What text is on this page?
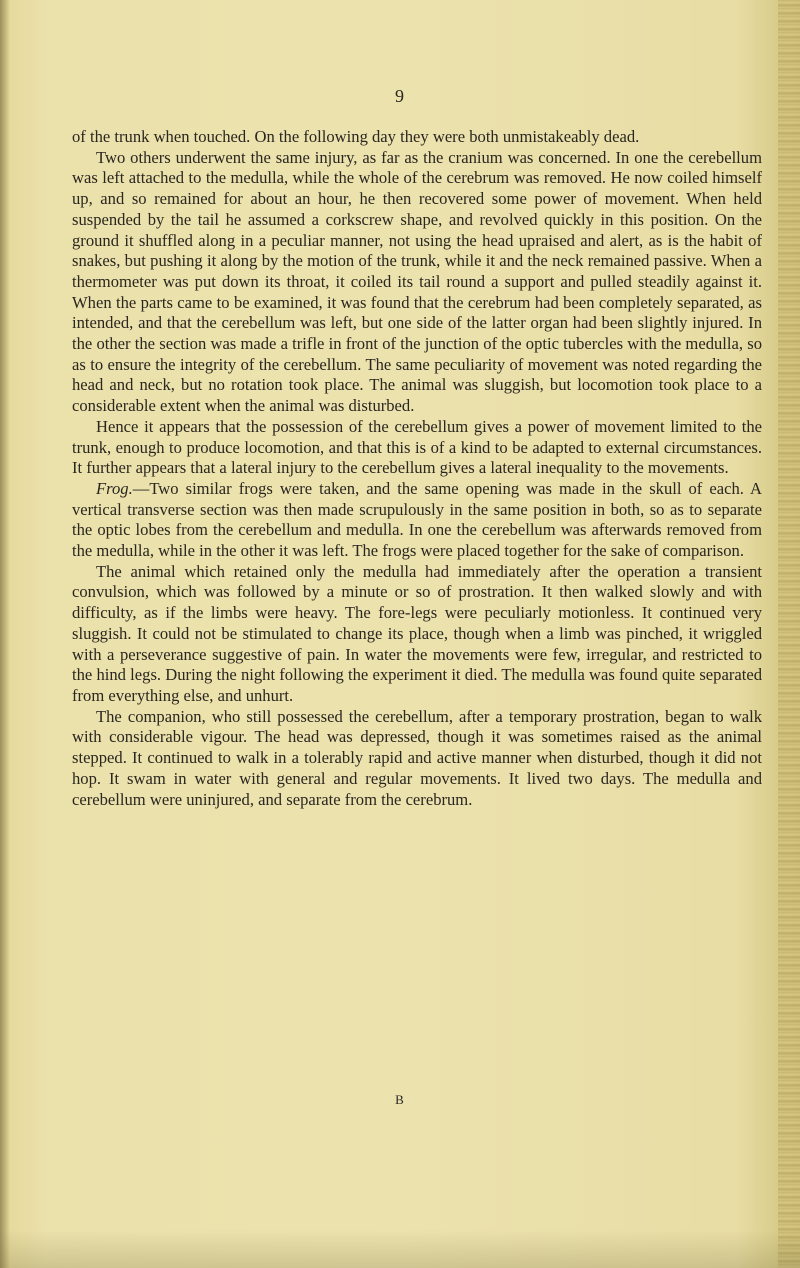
9

of the trunk when touched. On the following day they were both unmistakeably dead.

Two others underwent the same injury, as far as the cranium was concerned. In one the cerebellum was left attached to the medulla, while the whole of the cerebrum was removed. He now coiled himself up, and so remained for about an hour, he then recovered some power of movement. When held suspended by the tail he assumed a corkscrew shape, and revolved quickly in this position. On the ground it shuffled along in a peculiar manner, not using the head upraised and alert, as is the habit of snakes, but pushing it along by the motion of the trunk, while it and the neck remained passive. When a thermometer was put down its throat, it coiled its tail round a support and pulled steadily against it. When the parts came to be examined, it was found that the cerebrum had been completely separated, as intended, and that the cerebellum was left, but one side of the latter organ had been slightly injured. In the other the section was made a trifle in front of the junction of the optic tubercles with the medulla, so as to ensure the integrity of the cerebellum. The same peculiarity of movement was noted regarding the head and neck, but no rotation took place. The animal was sluggish, but locomotion took place to a considerable extent when the animal was disturbed.

Hence it appears that the possession of the cerebellum gives a power of movement limited to the trunk, enough to produce locomotion, and that this is of a kind to be adapted to external circumstances. It further appears that a lateral injury to the cerebellum gives a lateral inequality to the movements.

Frog.—Two similar frogs were taken, and the same opening was made in the skull of each. A vertical transverse section was then made scrupulously in the same position in both, so as to separate the optic lobes from the cerebellum and medulla. In one the cerebellum was afterwards removed from the medulla, while in the other it was left. The frogs were placed together for the sake of comparison.

The animal which retained only the medulla had immediately after the operation a transient convulsion, which was followed by a minute or so of prostration. It then walked slowly and with difficulty, as if the limbs were heavy. The fore-legs were peculiarly motionless. It continued very sluggish. It could not be stimulated to change its place, though when a limb was pinched, it wriggled with a perseverance suggestive of pain. In water the movements were few, irregular, and restricted to the hind legs. During the night following the experiment it died. The medulla was found quite separated from everything else, and unhurt.

The companion, who still possessed the cerebellum, after a temporary prostration, began to walk with considerable vigour. The head was depressed, though it was sometimes raised as the animal stepped. It continued to walk in a tolerably rapid and active manner when disturbed, though it did not hop. It swam in water with general and regular movements. It lived two days. The medulla and cerebellum were uninjured, and separate from the cerebrum.

B
